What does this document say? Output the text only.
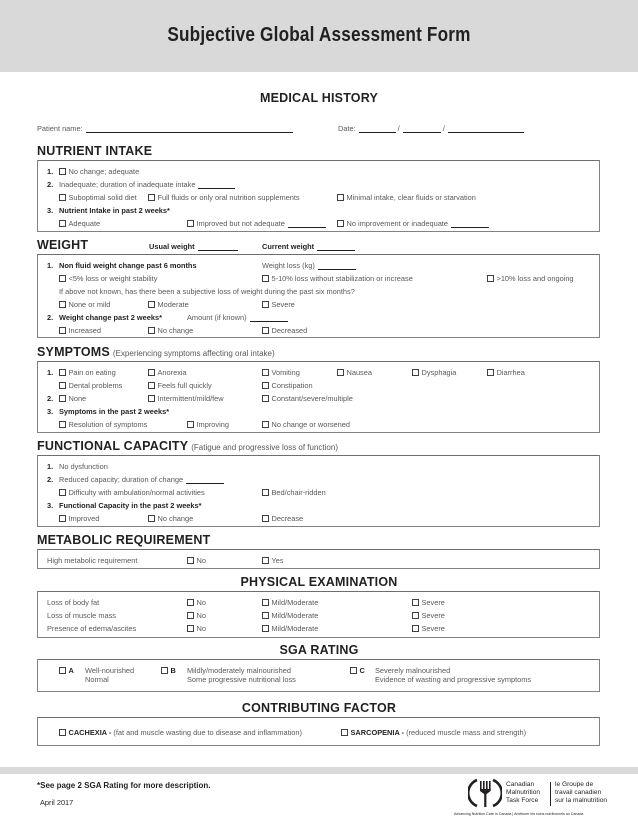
Subjective Global Assessment Form
MEDICAL HISTORY
Patient name:	Date:	/	/
NUTRIENT INTAKE
1.	No change; adequate
2. Inadequate; duration of inadequate intake
Suboptimal solid diet	Full fluids or only oral nutrition supplements	Minimal intake, clear fluids or starvation
3. Nutrient Intake in past 2 weeks*
Adequate	Improved but not adequate	No improvement or inadequate
WEIGHT	Usual weight	Current weight
1. Non fluid weight change past 6 months	Weight loss (kg)
<5% loss or weight stability	5-10% loss without stabilization or increase	>10% loss and ongoing
If above not known, has there been a subjective loss of weight during the past six months?
None or mild	Moderate	Severe
2. Weight change past 2 weeks*	Amount (if known)
Increased	No change	Decreased
SYMPTOMS (Experiencing symptoms affecting oral intake)
1.	Pain on eating	Anorexia	Vomiting	Nausea	Dysphagia	Diarrhea
Dental problems	Feels full quickly	Constipation
2.	None	Intermittent/mild/few	Constant/severe/multiple
3. Symptoms in the past 2 weeks*
Resolution of symptoms	Improving	No change or worsened
FUNCTIONAL CAPACITY (Fatigue and progressive loss of function)
1. No dysfunction
2. Reduced capacity; duration of change
Difficulty with ambulation/normal activities	Bed/chair-ridden
3. Functional Capacity in the past 2 weeks*
Improved	No change	Decrease
METABOLIC REQUIREMENT
High metabolic requirement	No	Yes
PHYSICAL EXAMINATION
Loss of body fat	No	Mild/Moderate	Severe
Loss of muscle mass	No	Mild/Moderate	Severe
Presence of edema/ascites	No	Mild/Moderate	Severe
SGA RATING
A Well-nourished
Normal
B Mildly/moderately malnourished
Some progressive nutritional loss
C Severely malnourished
Evidence of wasting and progressive symptoms
CONTRIBUTING FACTOR
CACHEXIA - (fat and muscle wasting due to disease and inflammation)	SARCOPENIA - (reduced muscle mass and strength)
*See page 2 SGA Rating for more description.
April 2017
Canadian
Malnutrition
Task Force
le Groupe de
travail canadien
sur la malnutrition
Advancing Nutrition Care in Canada | Améliorer les soins nutritionnels au Canada
